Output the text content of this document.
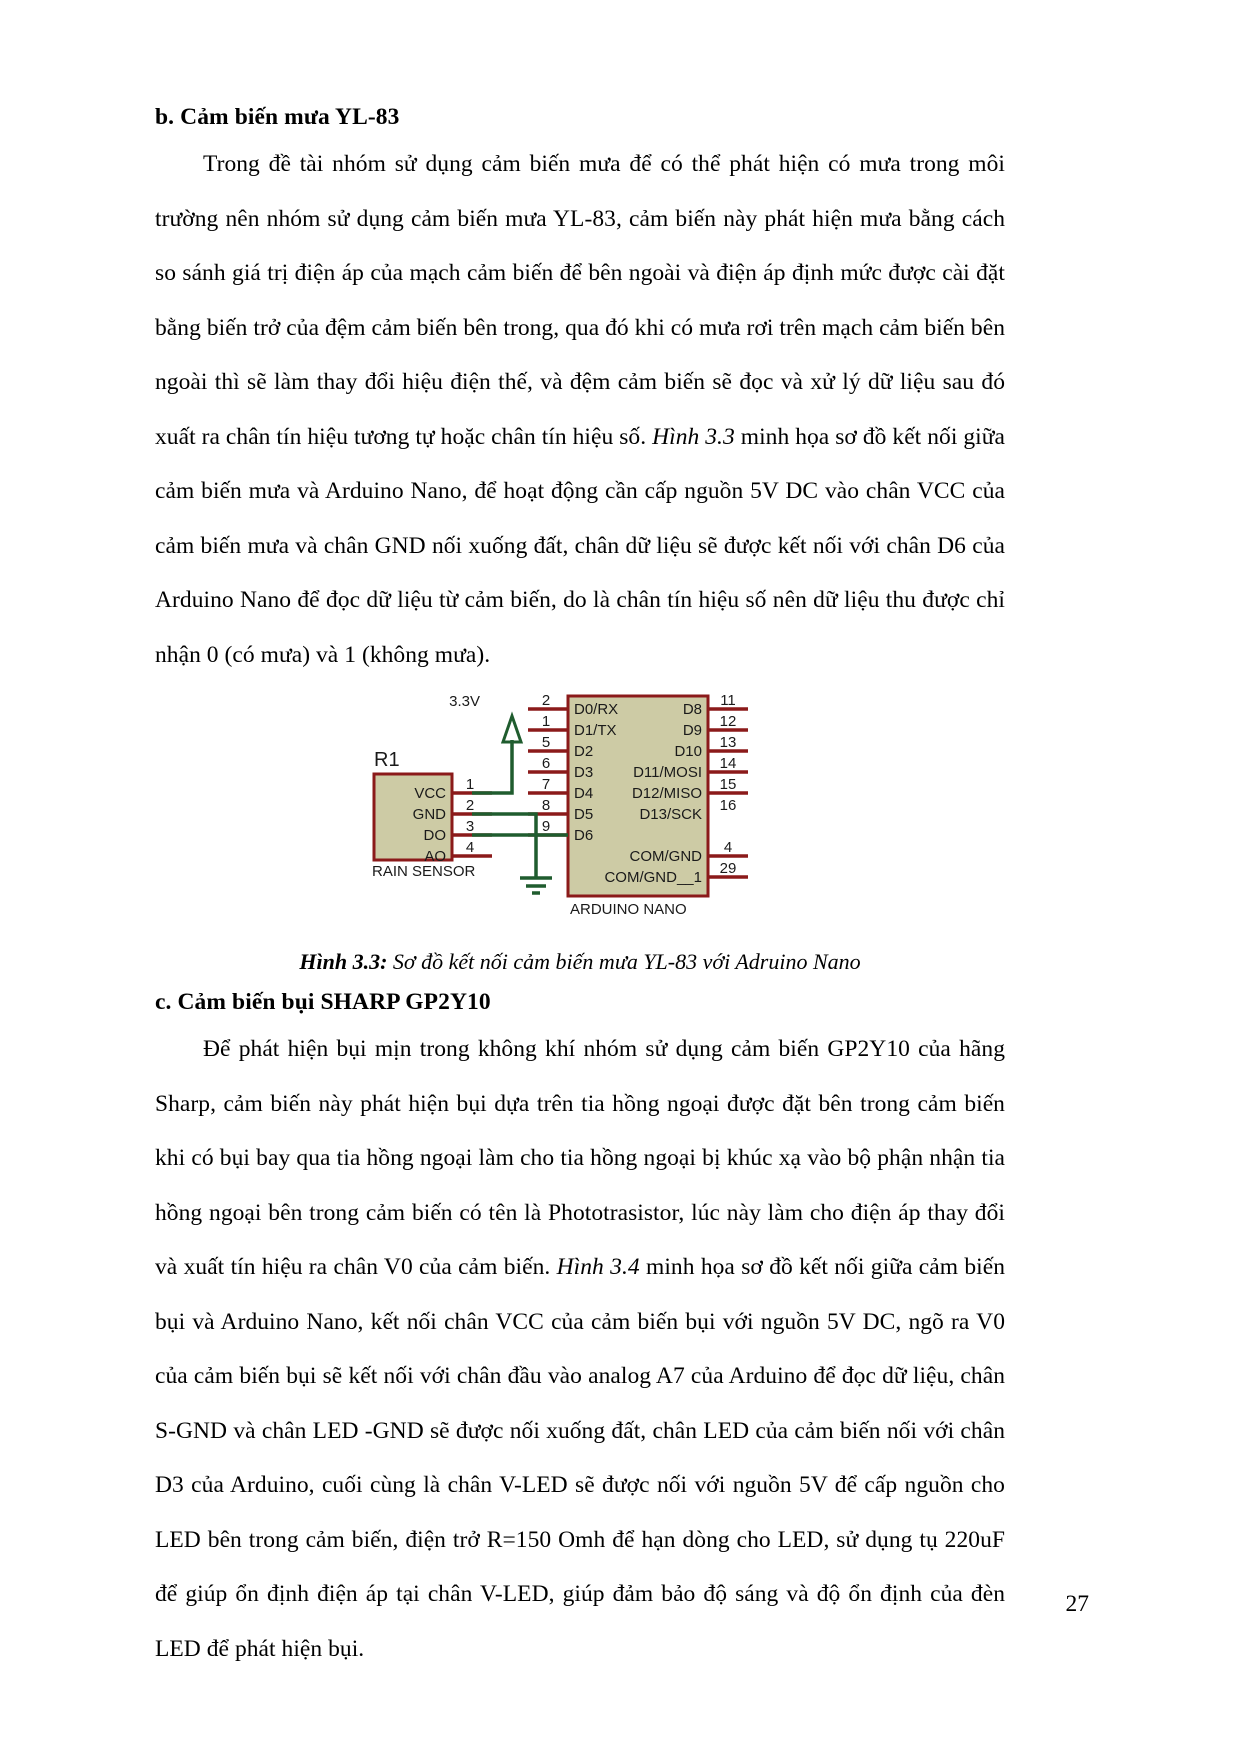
b. Cảm biến mưa YL-83

Trong đề tài nhóm sử dụng cảm biến mưa để có thể phát hiện có mưa trong môi trường nên nhóm sử dụng cảm biến mưa YL-83, cảm biến này phát hiện mưa bằng cách so sánh giá trị điện áp của mạch cảm biến để bên ngoài và điện áp định mức được cài đặt bằng biến trở của đệm cảm biến bên trong, qua đó khi có mưa rơi trên mạch cảm biến bên ngoài thì sẽ làm thay đổi hiệu điện thế, và đệm cảm biến sẽ đọc và xử lý dữ liệu sau đó xuất ra chân tín hiệu tương tự hoặc chân tín hiệu số. Hình 3.3 minh họa sơ đồ kết nối giữa cảm biến mưa và Arduino Nano, để hoạt động cần cấp nguồn 5V DC vào chân VCC của cảm biến mưa và chân GND nối xuống đất, chân dữ liệu sẽ được kết nối với chân D6 của Arduino Nano để đọc dữ liệu từ cảm biến, do là chân tín hiệu số nên dữ liệu thu được chỉ nhận 0 (có mưa) và 1 (không mưa).

3.3V
R1
RAIN SENSOR
ARDUINO NANO
VCC
GND
DO
AO
1
2
3
4
2
1
5
6
7
8
9
D0/RX
D1/TX
D2
D3
D4
D5
D6
D8
D9
D10
D11/MOSI
D12/MISO
D13/SCK
11
12
13
14
15
16
COM/GND
COM/GND__1
4
29

Hình 3.3: Sơ đồ kết nối cảm biến mưa YL-83 với Adruino Nano

c. Cảm biến bụi SHARP GP2Y10

Để phát hiện bụi mịn trong không khí nhóm sử dụng cảm biến GP2Y10 của hãng Sharp, cảm biến này phát hiện bụi dựa trên tia hồng ngoại được đặt bên trong cảm biến khi có bụi bay qua tia hồng ngoại làm cho tia hồng ngoại bị khúc xạ vào bộ phận nhận tia hồng ngoại bên trong cảm biến có tên là Phototrasistor, lúc này làm cho điện áp thay đổi và xuất tín hiệu ra chân V0 của cảm biến. Hình 3.4 minh họa sơ đồ kết nối giữa cảm biến bụi và Arduino Nano, kết nối chân VCC của cảm biến bụi với nguồn 5V DC, ngõ ra V0 của cảm biến bụi sẽ kết nối với chân đầu vào analog A7 của Arduino để đọc dữ liệu, chân S-GND và chân LED -GND sẽ được nối xuống đất, chân LED của cảm biến nối với chân D3 của Arduino, cuối cùng là chân V-LED sẽ được nối với nguồn 5V để cấp nguồn cho LED bên trong cảm biến, điện trở R=150 Omh để hạn dòng cho LED, sử dụng tụ 220uF để giúp ổn định điện áp tại chân V-LED, giúp đảm bảo độ sáng và độ ổn định của đèn LED để phát hiện bụi.

27
